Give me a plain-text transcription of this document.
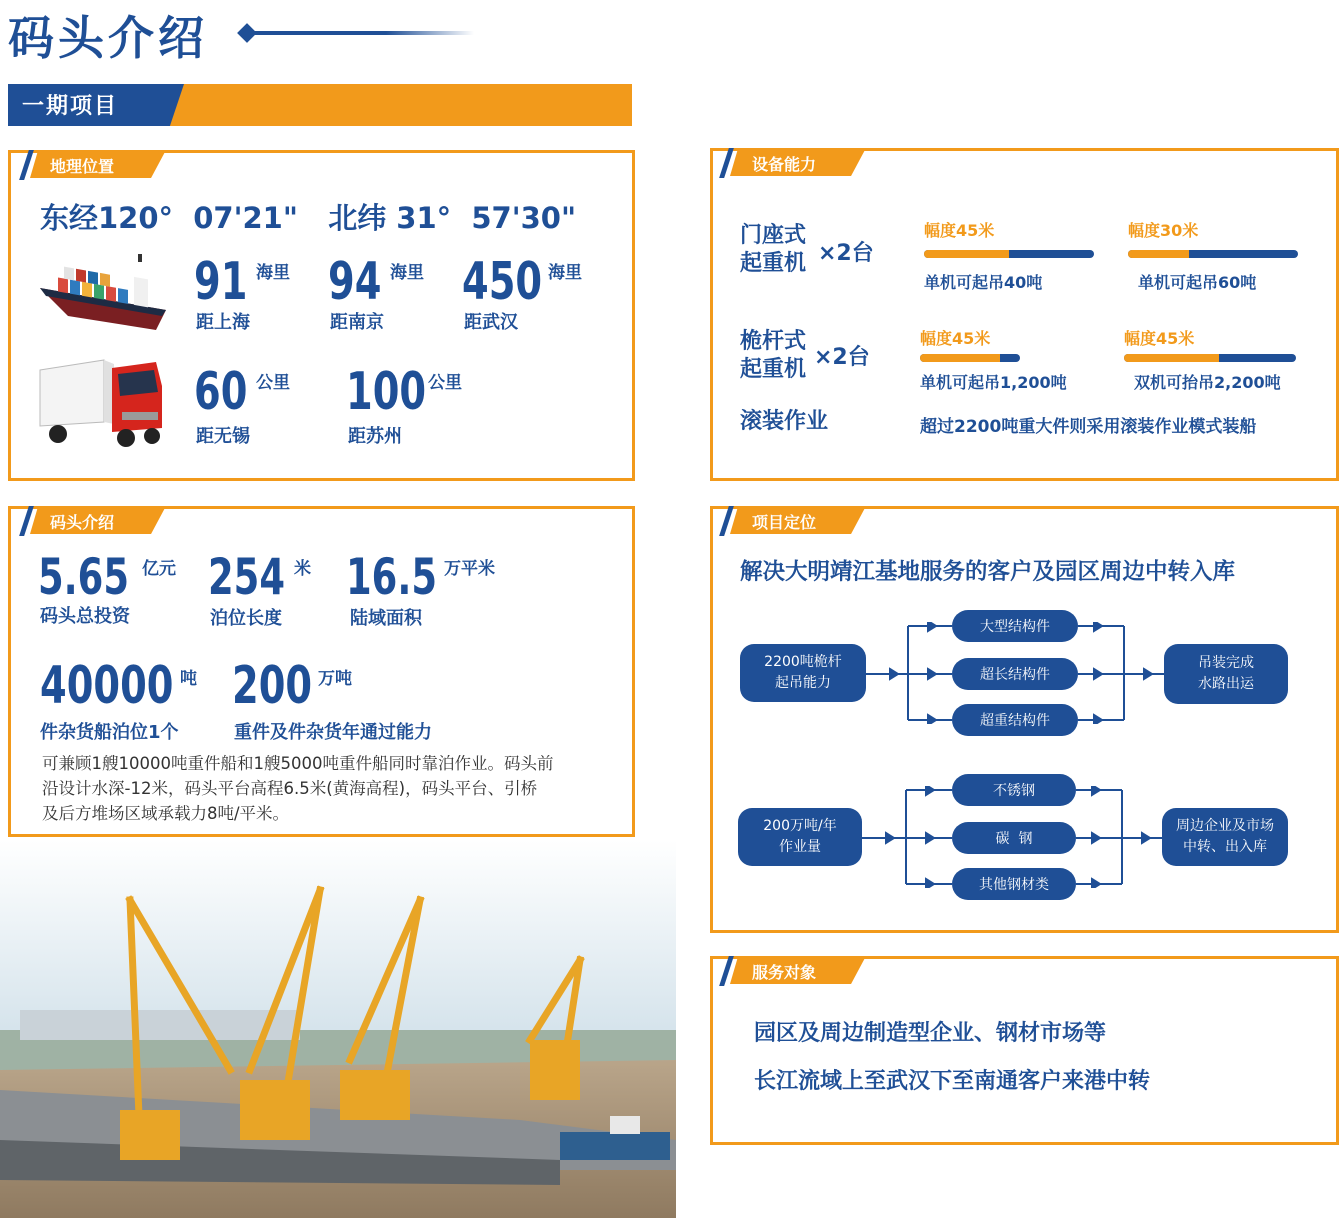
码头介绍
一期项目
地理位置
东经120°  07'21"   北纬 31°  57'30"
91 海里
距上海
94 海里
距南京
450 海里
距武汉
60 公里
距无锡
100 公里
距苏州
码头介绍
5.65 亿元
码头总投资
254 米
泊位长度
16.5 万平米
陆域面积
40000 吨
件杂货船泊位1个
200 万吨
重件及件杂货年通过能力
可兼顾1艘10000吨重件船和1艘5000吨重件船同时靠泊作业。码头前
沿设计水深-12米，码头平台高程6.5米(黄海高程)，码头平台、引桥
及后方堆场区域承载力8吨/平米。
设备能力
门座式
起重机 ×2台
幅度45米
单机可起吊40吨
幅度30米
单机可起吊60吨
桅杆式
起重机 ×2台
幅度45米
单机可起吊1,200吨
幅度45米
双机可抬吊2,200吨
滚装作业	超过2200吨重大件则采用滚装作业模式装船
项目定位
解决大明靖江基地服务的客户及园区周边中转入库
2200吨桅杆
起吊能力
大型结构件
超长结构件
超重结构件
吊装完成
水路出运
200万吨/年
作业量
不锈钢
碳  钢
其他钢材类
周边企业及市场
中转、出入库
服务对象
园区及周边制造型企业、钢材市场等
长江流域上至武汉下至南通客户来港中转
